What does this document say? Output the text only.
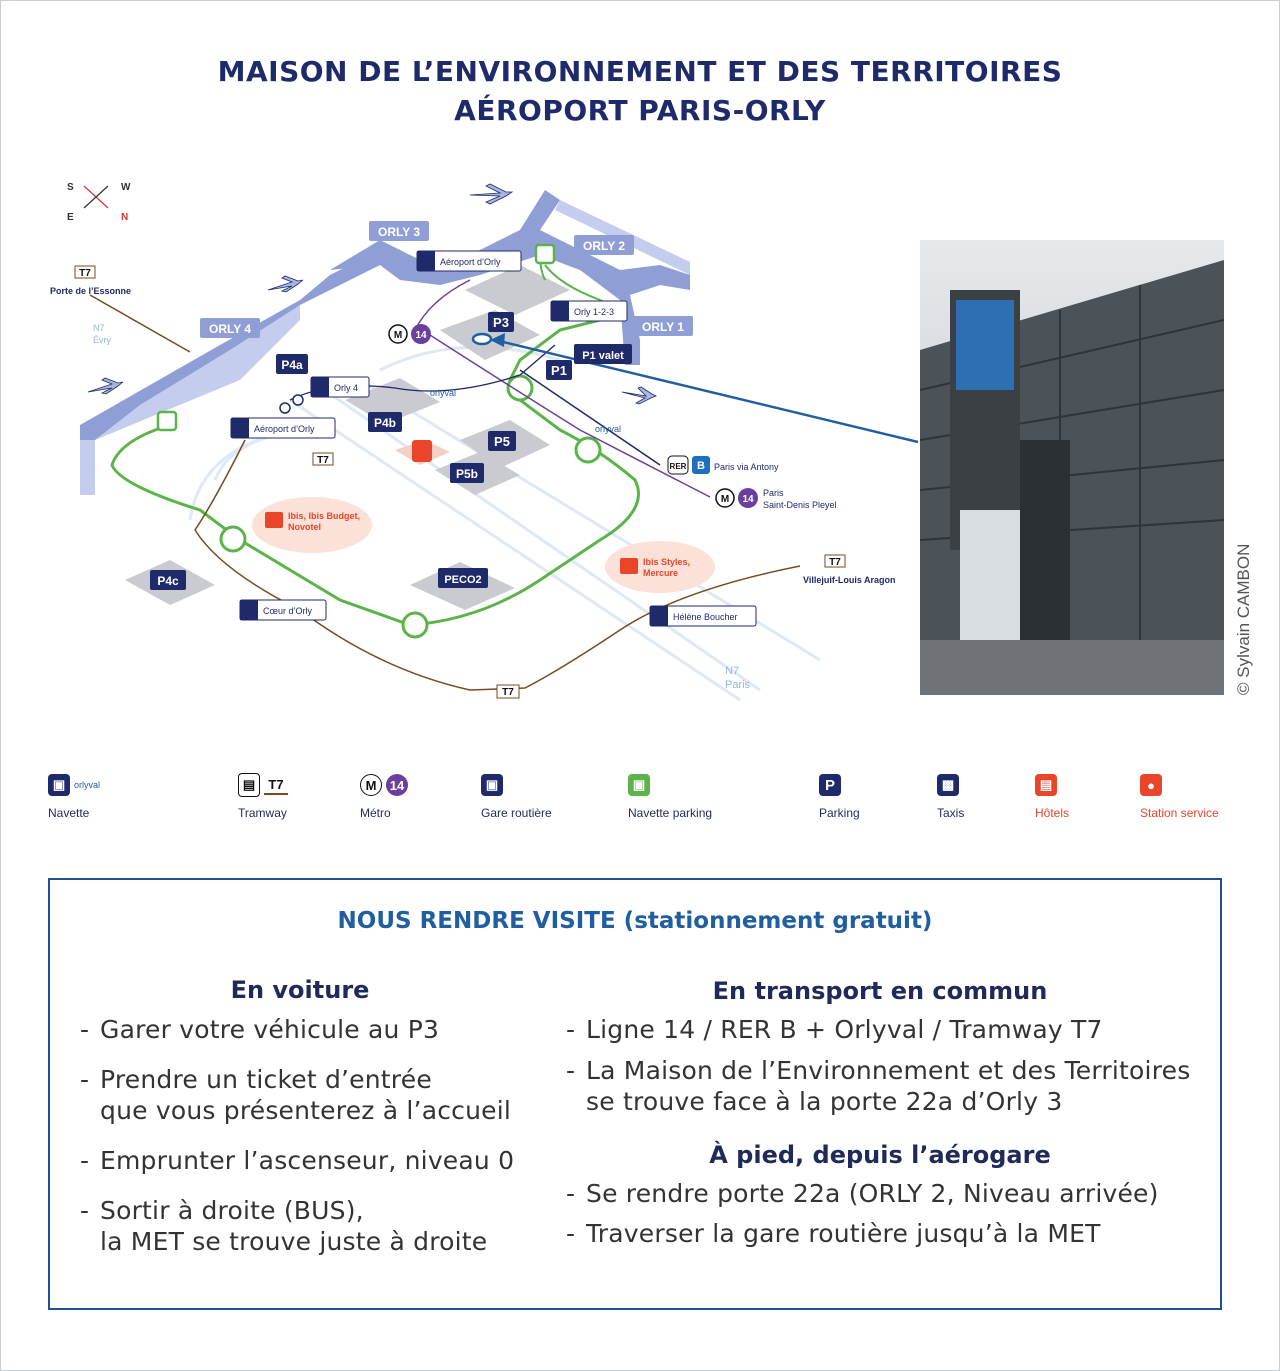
MAISON DE L’ENVIRONNEMENT ET DES TERRITOIRES
AÉROPORT PARIS-ORLY
S	W
E	N
ORLY 3
ORLY 2
ORLY 1
ORLY 4	P3
P1 valet
P1
P4a
P4b
P5
P5b
P4c	PECO2
Aéroport d’Orly
Orly 1-2-3
Orly 4
Aéroport d’Orly
Cœur d’Orly
Hélène Boucher
M 14
M 14
RER B
orlyval
orlyval
T7
T7
T7
T7
Porte de l’Essonne
Villejuif-Louis Aragon
Paris via Antony
Paris
Saint-Denis Pleyel
N7
Évry
N7
Paris
Ibis, Ibis Budget,
Novotel
Ibis Styles,
Mercure	© Sylvain CAMBON
▣ orlyval
Navette
▤	T7
Tramway
M	14
Métro
▣
Gare routière
▣
Navette parking
P
Parking
▩
Taxis
▤
Hôtels
●
Station service
NOUS RENDRE VISITE (stationnement gratuit)
En voiture
- Garer votre véhicule au P3
- Prendre un ticket d’entrée
que vous présenterez à l’accueil
- Emprunter l’ascenseur, niveau 0
- Sortir à droite (BUS),
la MET se trouve juste à droite
En transport en commun
- Ligne 14 / RER B + Orlyval / Tramway T7
- La Maison de l’Environnement et des Territoires
se trouve face à la porte 22a d’Orly 3
À pied, depuis l’aérogare
- Se rendre porte 22a (ORLY 2, Niveau arrivée)
- Traverser la gare routière jusqu’à la MET
